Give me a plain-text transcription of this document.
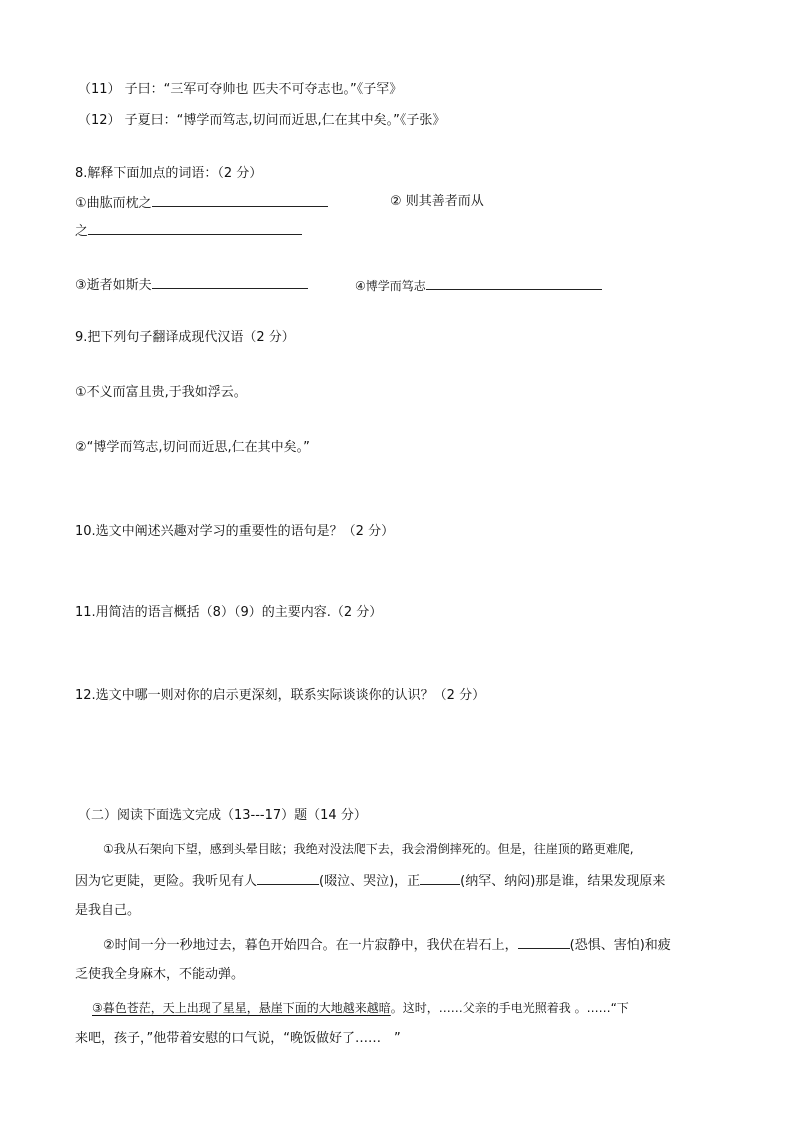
（11） 子曰：“三军可夺帅也 匹夫不可夺志也。”《子罕》
（12） 子夏曰：“博学而笃志,切问而近思,仁在其中矣。”《子张》
8.解释下面加点的词语：（2 分）
①曲肱而枕之	② 则其善者而从
之
③逝者如斯夫	④博学而笃志
9.把下列句子翻译成现代汉语（2 分）
①不义而富且贵,于我如浮云。
②“博学而笃志,切问而近思,仁在其中矣。”
10.选文中阐述兴趣对学习的重要性的语句是？（2 分）
11.用简洁的语言概括（8）（9）的主要内容.（2 分）
12.选文中哪一则对你的启示更深刻，联系实际谈谈你的认识？（2 分）
（二）阅读下面选文完成（13---17）题（14 分）
①我从石架向下望，感到头晕目眩；我绝对没法爬下去，我会滑倒摔死的。但是，往崖顶的路更难爬,
因为它更陡，更险。我听见有人	(啜泣、哭泣)，正	(纳罕、纳闷)那是谁，结果发现原来
是我自己。
②时间一分一秒地过去，暮色开始四合。在一片寂静中，我伏在岩石上，	(恐惧、害怕)和疲
乏使我全身麻木，不能动弹。
③暮色苍茫，天上出现了星星，悬崖下面的大地越来越暗。这时，……父亲的手电光照着我 。……“下
来吧，孩子，”他带着安慰的口气说，“晚饭做好了……　”
